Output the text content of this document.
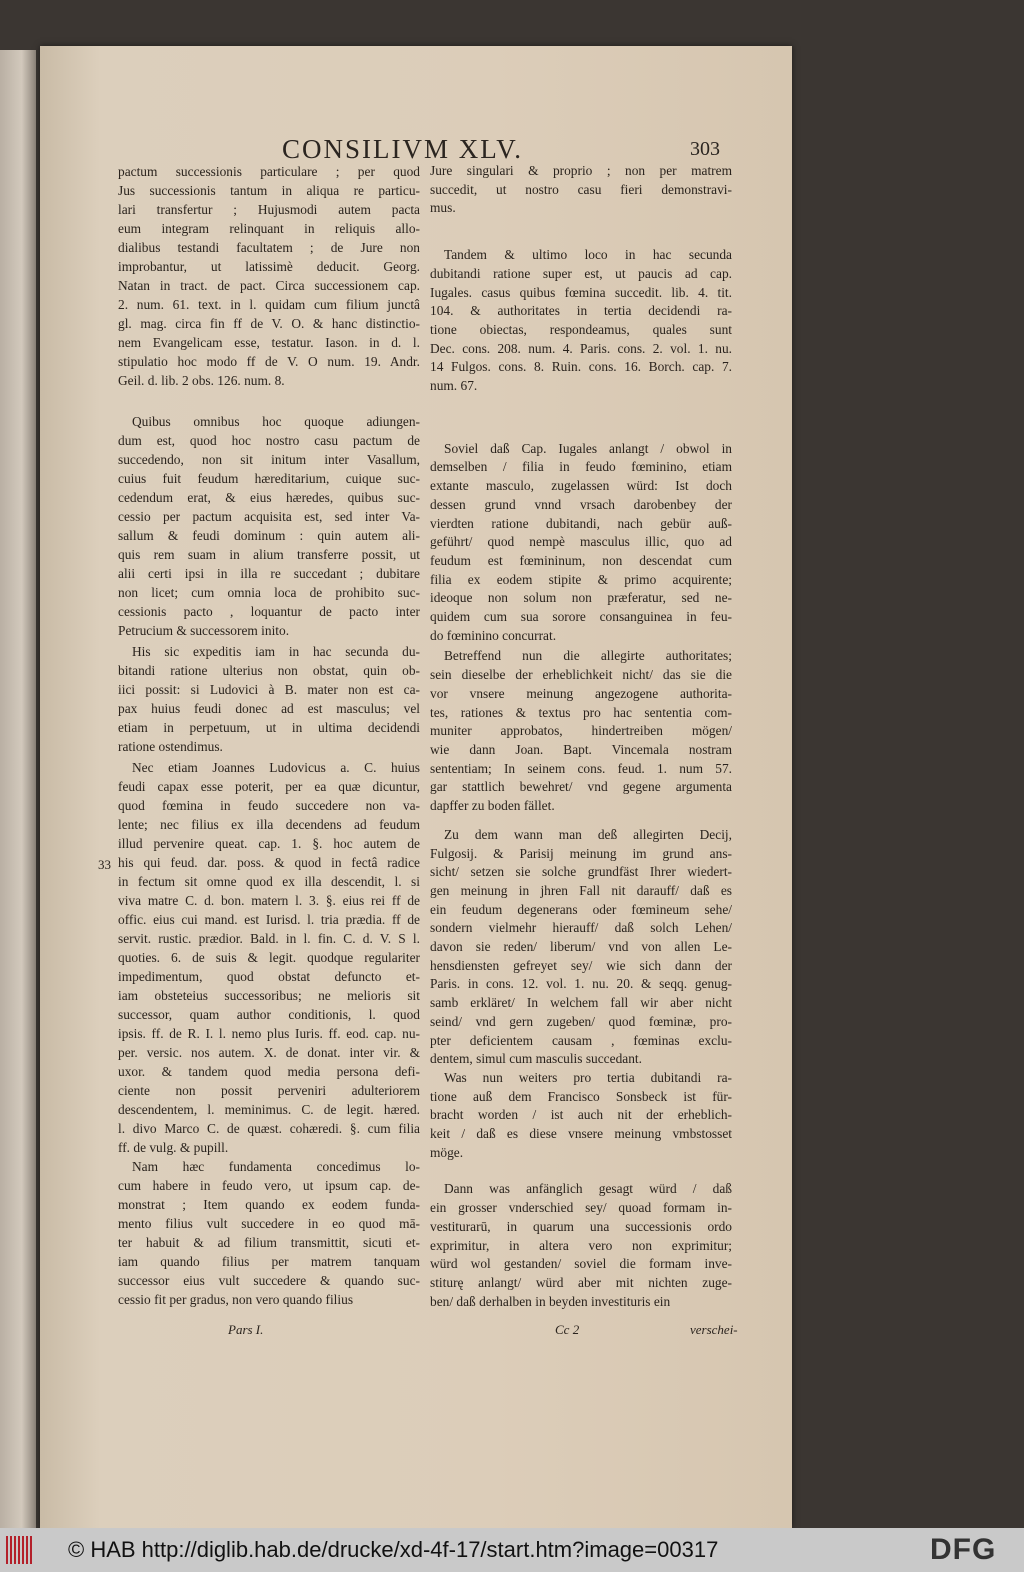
CONSILIVM XLV.	303
pactum successionis particulare ; per quod
Jus successionis tantum in aliqua re particu-
lari transfertur ; Hujusmodi autem pacta
eum integram relinquant in reliquis allo-
dialibus testandi facultatem ; de Jure non
improbantur, ut latissimè deducit. Georg.
Natan in tract. de pact. Circa successionem cap.
2. num. 61. text. in l. quidam cum filium junctâ
gl. mag. circa fin ff de V. O. & hanc distinctio-
nem Evangelicam esse, testatur. Iason. in d. l.
stipulatio hoc modo ff de V. O num. 19. Andr.
Geil. d. lib. 2 obs. 126. num. 8.
Quibus omnibus hoc quoque adiungen-
dum est, quod hoc nostro casu pactum de
succedendo, non sit initum inter Vasallum,
cuius fuit feudum hæreditarium, cuique suc-
cedendum erat, & eius hæredes, quibus suc-
cessio per pactum acquisita est, sed inter Va-
sallum & feudi dominum : quin autem ali-
quis rem suam in alium transferre possit, ut
alii certi ipsi in illa re succedant ; dubitare
non licet; cum omnia loca de prohibito suc-
cessionis pacto , loquantur de pacto inter
Petrucium & successorem inito.
His sic expeditis iam in hac secunda du-
bitandi ratione ulterius non obstat, quin ob-
iici possit: si Ludovici à B. mater non est ca-
pax huius feudi donec ad est masculus; vel
etiam in perpetuum, ut in ultima decidendi
ratione ostendimus.
Nec etiam Joannes Ludovicus a. C. huius
feudi capax esse poterit, per ea quæ dicuntur,
quod fœmina in feudo succedere non va-
lente; nec filius ex illa decendens ad feudum
illud pervenire queat. cap. 1. §. hoc autem de
his qui feud. dar. poss. & quod in fectâ radice
in fectum sit omne quod ex illa descendit, l. si
viva matre C. d. bon. matern l. 3. §. eius rei ff de
offic. eius cui mand. est Iurisd. l. tria prædia. ff de
servit. rustic. prædior. Bald. in l. fin. C. d. V. S l.
quoties. 6. de suis & legit. quodque regulariter
impedimentum, quod obstat defuncto et-
iam obsteteius successoribus; ne melioris sit
successor, quam author conditionis, l. quod
ipsis. ff. de R. I. l. nemo plus Iuris. ff. eod. cap. nu-
per. versic. nos autem. X. de donat. inter vir. &
uxor. & tandem quod media persona defi-
ciente non possit perveniri adulteriorem
descendentem, l. meminimus. C. de legit. hæred.
l. divo Marco C. de quæst. cohæredi. §. cum filia
ff. de vulg. & pupill.
Nam hæc fundamenta concedimus lo-
cum habere in feudo vero, ut ipsum cap. de-
monstrat ; Item quando ex eodem funda-
mento filius vult succedere in eo quod mā-
ter habuit & ad filium transmittit, sicuti et-
iam quando filius per matrem tanquam
successor eius vult succedere & quando suc-
cessio fit per gradus, non vero quando filius
Jure singulari & proprio ; non per matrem
succedit, ut nostro casu fieri demonstravi-
mus.
Tandem & ultimo loco in hac secunda
dubitandi ratione super est, ut paucis ad cap.
Iugales. casus quibus fœmina succedit. lib. 4. tit.
104. & authoritates in tertia decidendi ra-
tione obiectas, respondeamus, quales sunt
Dec. cons. 208. num. 4. Paris. cons. 2. vol. 1. nu.
14 Fulgos. cons. 8. Ruin. cons. 16. Borch. cap. 7.
num. 67.
Soviel daß Cap. Iugales anlangt / obwol in
demselben / filia in feudo fœminino, etiam
extante masculo, zugelassen würd: Ist doch
dessen grund vnnd vrsach darobenbey der
vierdten ratione dubitandi, nach gebür auß-
geführt/ quod nempè masculus illic, quo ad
feudum est fœmininum, non descendat cum
filia ex eodem stipite & primo acquirente;
ideoque non solum non præferatur, sed ne-
quidem cum sua sorore consanguinea in feu-
do fœminino concurrat.
Betreffend nun die allegirte authoritates;
sein dieselbe der erheblichkeit nicht/ das sie die
vor vnsere meinung angezogene authorita-
tes, rationes & textus pro hac sententia com-
muniter approbatos, hindertreiben mögen/
wie dann Joan. Bapt. Vincemala nostram
sententiam; In seinem cons. feud. 1. num 57.
gar stattlich bewehret/ vnd gegene argumenta
dapffer zu boden fället.
Zu dem wann man deß allegirten Decij,
Fulgosij. & Parisij meinung im grund ans-
sicht/ setzen sie solche grundfäst Ihrer wiedert-
gen meinung in jhren Fall nit darauff/ daß es
ein feudum degenerans oder fœmineum sehe/
sondern vielmehr hierauff/ daß solch Lehen/
davon sie reden/ liberum/ vnd von allen Le-
hensdiensten gefreyet sey/ wie sich dann der
Paris. in cons. 12. vol. 1. nu. 20. & seqq. genug-
samb erkläret/ In welchem fall wir aber nicht
seind/ vnd gern zugeben/ quod fœminæ, pro-
pter deficientem causam , fœminas exclu-
dentem, simul cum masculis succedant.
Was nun weiters pro tertia dubitandi ra-
tione auß dem Francisco Sonsbeck ist für-
bracht worden / ist auch nit der erheblich-
keit / daß es diese vnsere meinung vmbstosset
möge.
Dann was anfänglich gesagt würd / daß
ein grosser vnderschied sey/ quoad formam in-
vestiturarū, in quarum una successionis ordo
exprimitur, in altera vero non exprimitur;
würd wol gestanden/ soviel die formam inve-
stiturę anlangt/ würd aber mit nichten zuge-
ben/ daß derhalben in beyden investituris ein
33
Pars I.	Cc 2	verschei-
© HAB http://diglib.hab.de/drucke/xd-4f-17/start.htm?image=00317	DFG
